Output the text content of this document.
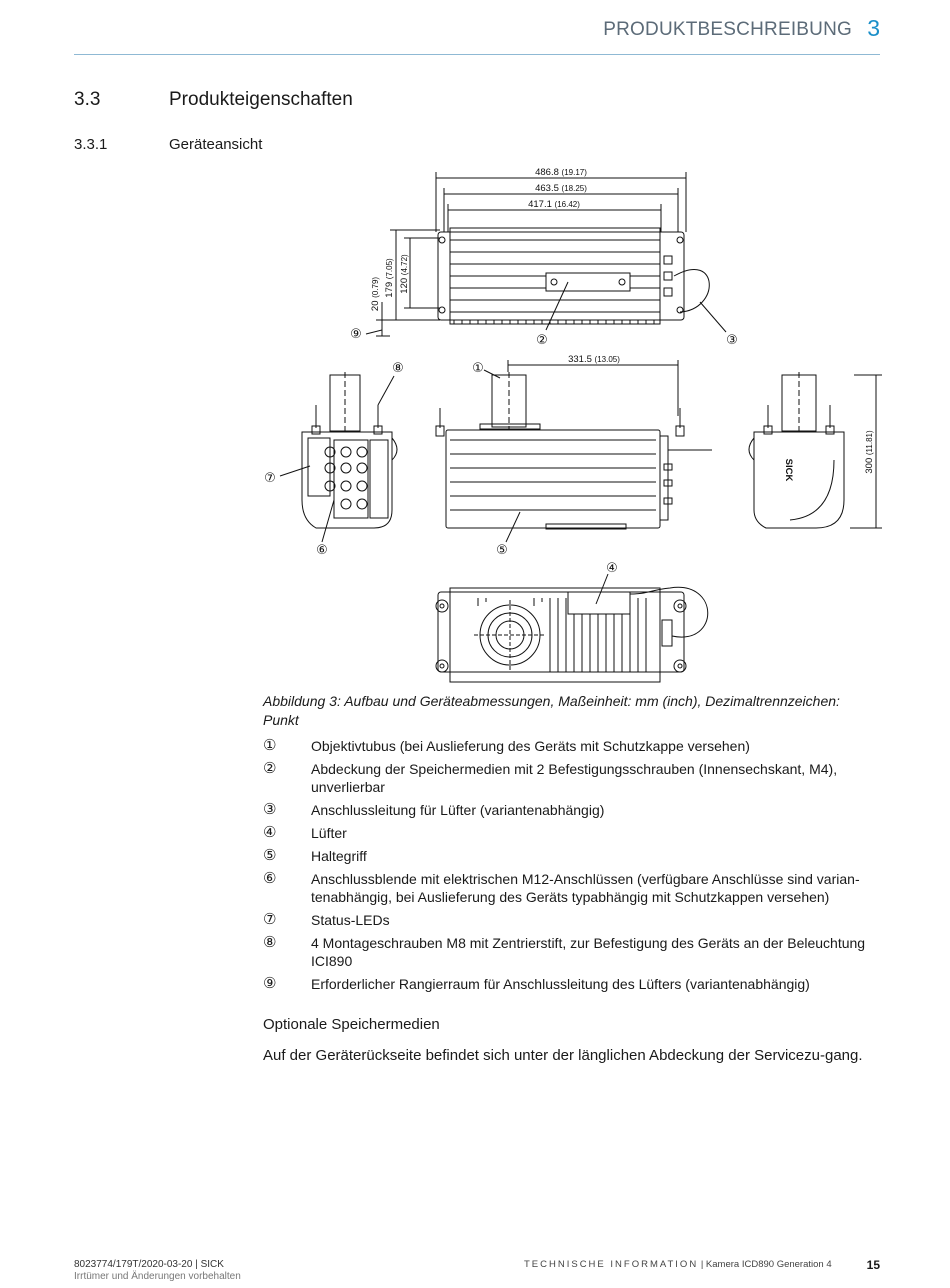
PRODUKTBESCHREIBUNG 3
3.3	Produkteigenschaften
3.3.1	Geräteansicht
486.8 (19.17)
463.5 (18.25)
417.1 (16.42)
179 (7.05)
120 (4.72)
20 (0.79)
②	③
⑨
⑧
⑦
⑥
331.5 (13.05)
①
⑤
SICK	300 (11.81)
④
Abbildung 3: Aufbau und Geräteabmessungen, Maßeinheit: mm (inch), Dezimaltrennzeichen: Punkt
①	Objektivtubus (bei Auslieferung des Geräts mit Schutzkappe versehen)
②	Abdeckung der Speichermedien mit 2 Befestigungsschrauben (Innensechskant, M4), unverlierbar
③	Anschlussleitung für Lüfter (variantenabhängig)
④	Lüfter
⑤	Haltegriff
⑥	Anschlussblende mit elektrischen M12-Anschlüssen (verfügbare Anschlüsse sind varian-tenabhängig, bei Auslieferung des Geräts typabhängig mit Schutzkappen versehen)
⑦	Status-LEDs
⑧	4 Montageschrauben M8 mit Zentrierstift, zur Befestigung des Geräts an der Beleuchtung ICI890
⑨	Erforderlicher Rangierraum für Anschlussleitung des Lüfters (variantenabhängig)
Optionale Speichermedien
Auf der Geräterückseite befindet sich unter der länglichen Abdeckung der Servicezu-gang.
8023774/179T/2020-03-20 | SICK
Irrtümer und Änderungen vorbehalten
TECHNISCHE INFORMATION | Kamera ICD890 Generation 4	15
